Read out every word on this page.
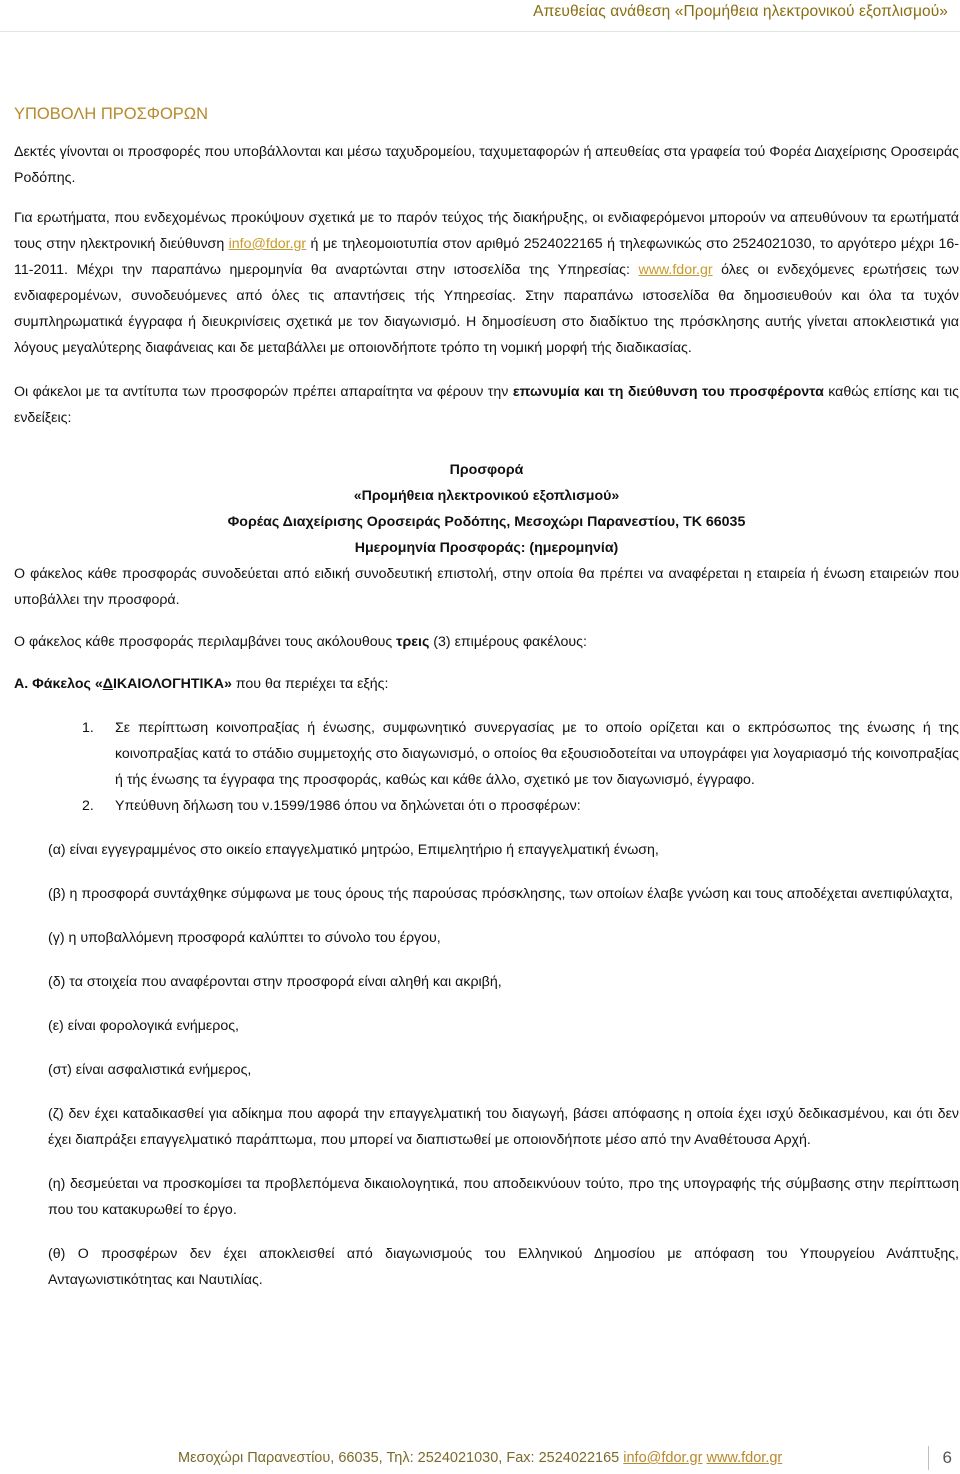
Απευθείας ανάθεση «Προμήθεια ηλεκτρονικού εξοπλισμού»
ΥΠΟΒΟΛΗ ΠΡΟΣΦΟΡΩΝ

Δεκτές γίνονται οι προσφορές που υποβάλλονται και μέσω ταχυδρομείου, ταχυμεταφορών ή απευθείας στα γραφεία τού Φορέα Διαχείρισης Οροσειράς Ροδόπης.

Για ερωτήματα, που ενδεχομένως προκύψουν σχετικά με το παρόν τεύχος τής διακήρυξης, οι ενδιαφερόμενοι μπορούν να απευθύνουν τα ερωτήματά τους στην ηλεκτρονική διεύθυνση info@fdor.gr ή με τηλεομοιοτυπία στον αριθμό 2524022165 ή τηλεφωνικώς στο 2524021030, το αργότερο μέχρι 16-11-2011. Μέχρι την παραπάνω ημερομηνία θα αναρτώνται στην ιστοσελίδα της Υπηρεσίας: www.fdor.gr όλες οι ενδεχόμενες ερωτήσεις των ενδιαφερομένων, συνοδευόμενες από όλες τις απαντήσεις τής Υπηρεσίας. Στην παραπάνω ιστοσελίδα θα δημοσιευθούν και όλα τα τυχόν συμπληρωματικά έγγραφα ή διευκρινίσεις σχετικά με τον διαγωνισμό. Η δημοσίευση στο διαδίκτυο της πρόσκλησης αυτής γίνεται αποκλειστικά για λόγους μεγαλύτερης διαφάνειας και δε μεταβάλλει με οποιονδήποτε τρόπο τη νομική μορφή τής διαδικασίας.

Οι φάκελοι με τα αντίτυπα των προσφορών πρέπει απαραίτητα να φέρουν την επωνυμία και τη διεύθυνση του προσφέροντα καθώς επίσης και τις ενδείξεις:

Προσφορά
«Προμήθεια ηλεκτρονικού εξοπλισμού»
Φορέας Διαχείρισης Οροσειράς Ροδόπης, Μεσοχώρι Παρανεστίου, ΤΚ 66035
Ημερομηνία Προσφοράς: (ημερομηνία)

Ο φάκελος κάθε προσφοράς συνοδεύεται από ειδική συνοδευτική επιστολή, στην οποία θα πρέπει να αναφέρεται η εταιρεία ή ένωση εταιρειών που υποβάλλει την προσφορά.

Ο φάκελος κάθε προσφοράς περιλαμβάνει τους ακόλουθους τρεις (3) επιμέρους φακέλους:

Α. Φάκελος «ΔΙΚΑΙΟΛΟΓΗΤΙΚΑ» που θα περιέχει τα εξής:

1. Σε περίπτωση κοινοπραξίας ή ένωσης, συμφωνητικό συνεργασίας με το οποίο ορίζεται και ο εκπρόσωπος της ένωσης ή της κοινοπραξίας κατά το στάδιο συμμετοχής στο διαγωνισμό, ο οποίος θα εξουσιοδοτείται να υπογράφει για λογαριασμό τής κοινοπραξίας ή τής ένωσης τα έγγραφα της προσφοράς, καθώς και κάθε άλλο, σχετικό με τον διαγωνισμό, έγγραφο.
2. Υπεύθυνη δήλωση του ν.1599/1986 όπου να δηλώνεται ότι ο προσφέρων:
(α) είναι εγγεγραμμένος στο οικείο επαγγελματικό μητρώο, Επιμελητήριο ή επαγγελματική ένωση,
(β) η προσφορά συντάχθηκε σύμφωνα με τους όρους τής παρούσας πρόσκλησης, των οποίων έλαβε γνώση και τους αποδέχεται ανεπιφύλαχτα,
(γ) η υποβαλλόμενη προσφορά καλύπτει το σύνολο του έργου,
(δ) τα στοιχεία που αναφέρονται στην προσφορά είναι αληθή και ακριβή,
(ε) είναι φορολογικά ενήμερος,
(στ) είναι ασφαλιστικά ενήμερος,
(ζ) δεν έχει καταδικασθεί για αδίκημα που αφορά την επαγγελματική του διαγωγή, βάσει απόφασης η οποία έχει ισχύ δεδικασμένου, και ότι δεν έχει διαπράξει επαγγελματικό παράπτωμα, που μπορεί να διαπιστωθεί με οποιονδήποτε μέσο από την Αναθέτουσα Αρχή.
(η) δεσμεύεται να προσκομίσει τα προβλεπόμενα δικαιολογητικά, που αποδεικνύουν τούτο, προ της υπογραφής τής σύμβασης στην περίπτωση που του κατακυρωθεί το έργο.
(θ) Ο προσφέρων δεν έχει αποκλεισθεί από διαγωνισμούς του Ελληνικού Δημοσίου με απόφαση του Υπουργείου Ανάπτυξης, Ανταγωνιστικότητας και Ναυτιλίας.
Μεσοχώρι Παρανεστίου, 66035, Τηλ: 2524021030, Fax: 2524022165 info@fdor.gr www.fdor.gr	6
